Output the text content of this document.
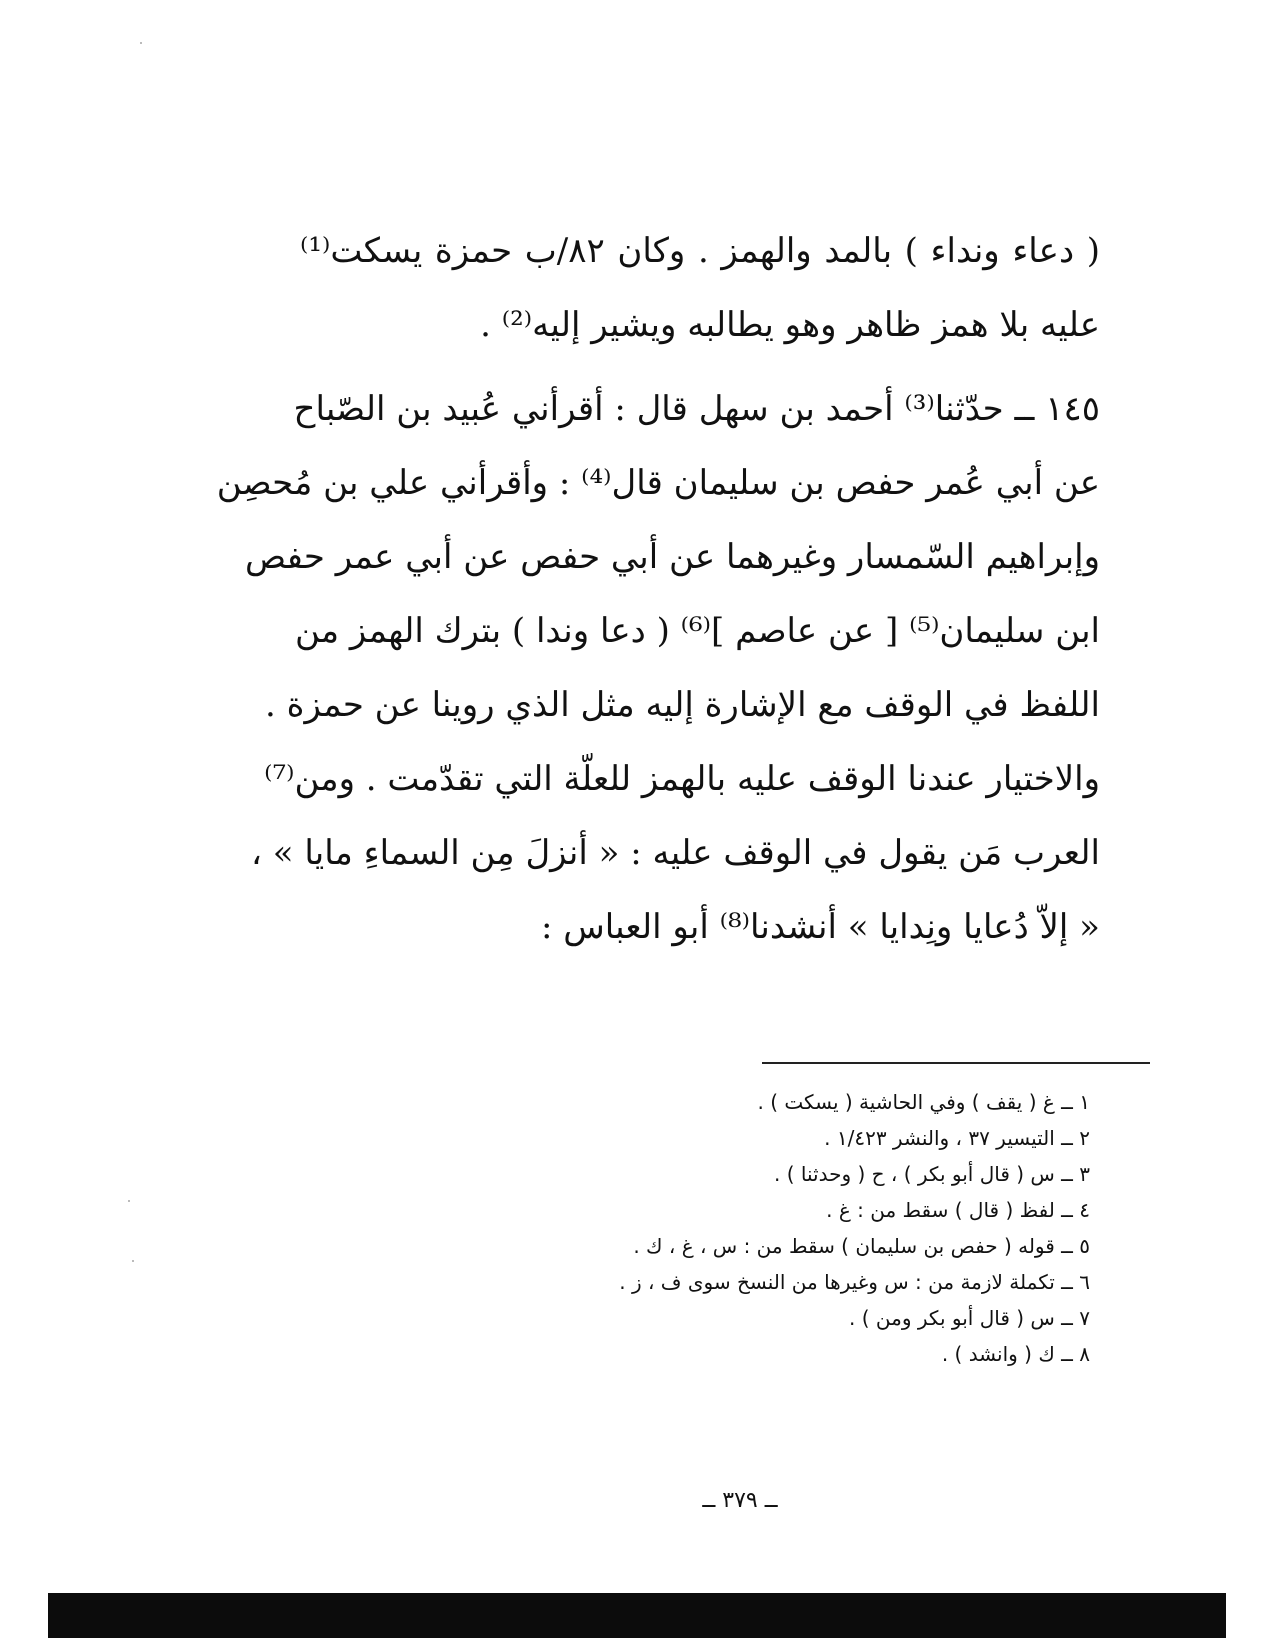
( دعاء ونداء ) بالمد والهمز . وكان ٨٢/ب حمزة يسكت⁽¹⁾
عليه بلا همز ظاهر وهو يطالبه ويشير إليه⁽²⁾ .
١٤٥ ــ حدّثنا⁽³⁾ أحمد بن سهل قال : أقرأني عُبيد بن الصّباح
عن أبي عُمر حفص بن سليمان قال⁽⁴⁾ : وأقرأني علي بن مُحصِن
وإبراهيم السّمسار وغيرهما عن أبي حفص عن أبي عمر حفص
ابن سليمان⁽⁵⁾ [ عن عاصم ]⁽⁶⁾ ( دعا وندا ) بترك الهمز من
اللفظ في الوقف مع الإشارة إليه مثل الذي روينا عن حمزة .
والاختيار عندنا الوقف عليه بالهمز للعلّة التي تقدّمت . ومن⁽⁷⁾
العرب مَن يقول في الوقف عليه : « أنزلَ مِن السماءِ مايا » ،
« إلاّ دُعايا ونِدايا » أنشدنا⁽⁸⁾ أبو العباس :
١ ــ غ ( يقف ) وفي الحاشية ( يسكت ) .
٢ ــ التيسير ٣٧ ، والنشر ١/٤٢٣ .
٣ ــ س ( قال أبو بكر ) ، ح ( وحدثنا ) .
٤ ــ لفظ ( قال ) سقط من : غ .
٥ ــ قوله ( حفص بن سليمان ) سقط من : س ، غ ، ك .
٦ ــ تكملة لازمة من : س وغيرها من النسخ سوى ف ، ز .
٧ ــ س ( قال أبو بكر ومن ) .
٨ ــ ك ( وانشد ) .
ــ ٣٧٩ ــ
